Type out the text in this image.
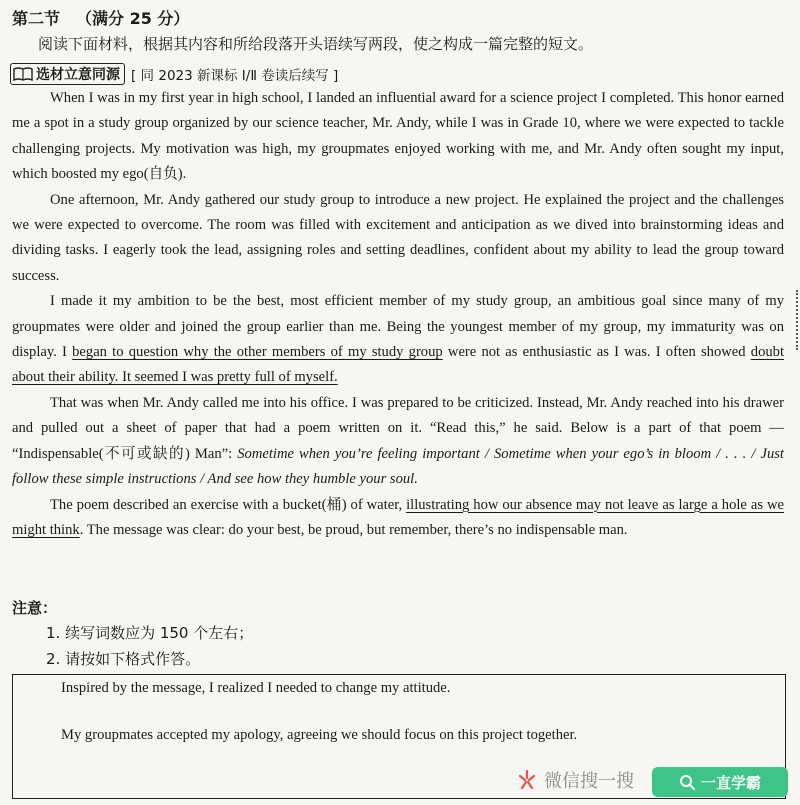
第二节 （满分 25 分）
阅读下面材料，根据其内容和所给段落开头语续写两段，使之构成一篇完整的短文。
选材立意同源 [ 同 2023 新课标 Ⅰ/Ⅱ 卷读后续写 ]

When I was in my first year in high school, I landed an influential award for a science project I completed. This honor earned me a spot in a study group organized by our science teacher, Mr. Andy, while I was in Grade 10, where we were expected to tackle challenging projects. My motivation was high, my groupmates enjoyed working with me, and Mr. Andy often sought my input, which boosted my ego(自负).

One afternoon, Mr. Andy gathered our study group to introduce a new project. He explained the project and the challenges we were expected to overcome. The room was filled with excitement and anticipation as we dived into brainstorming ideas and dividing tasks. I eagerly took the lead, assigning roles and setting deadlines, confident about my ability to lead the group toward success.

I made it my ambition to be the best, most efficient member of my study group, an ambitious goal since many of my groupmates were older and joined the group earlier than me. Being the youngest member of my group, my immaturity was on display. I began to question why the other members of my study group were not as enthusiastic as I was. I often showed doubt about their ability. It seemed I was pretty full of myself.

That was when Mr. Andy called me into his office. I was prepared to be criticized. Instead, Mr. Andy reached into his drawer and pulled out a sheet of paper that had a poem written on it. “Read this,” he said. Below is a part of that poem — “Indispensable(不可或缺的) Man”: Sometime when you’re feeling important / Sometime when your ego’s in bloom / . . . / Just follow these simple instructions / And see how they humble your soul.

The poem described an exercise with a bucket(桶) of water, illustrating how our absence may not leave as large a hole as we might think. The message was clear: do your best, be proud, but remember, there’s no indispensable man.

注意：
1. 续写词数应为 150 个左右；
2. 请按如下格式作答。
Inspired by the message, I realized I needed to change my attitude.
My groupmates accepted my apology, agreeing we should focus on this project together.
微信搜一搜	一直学霸
